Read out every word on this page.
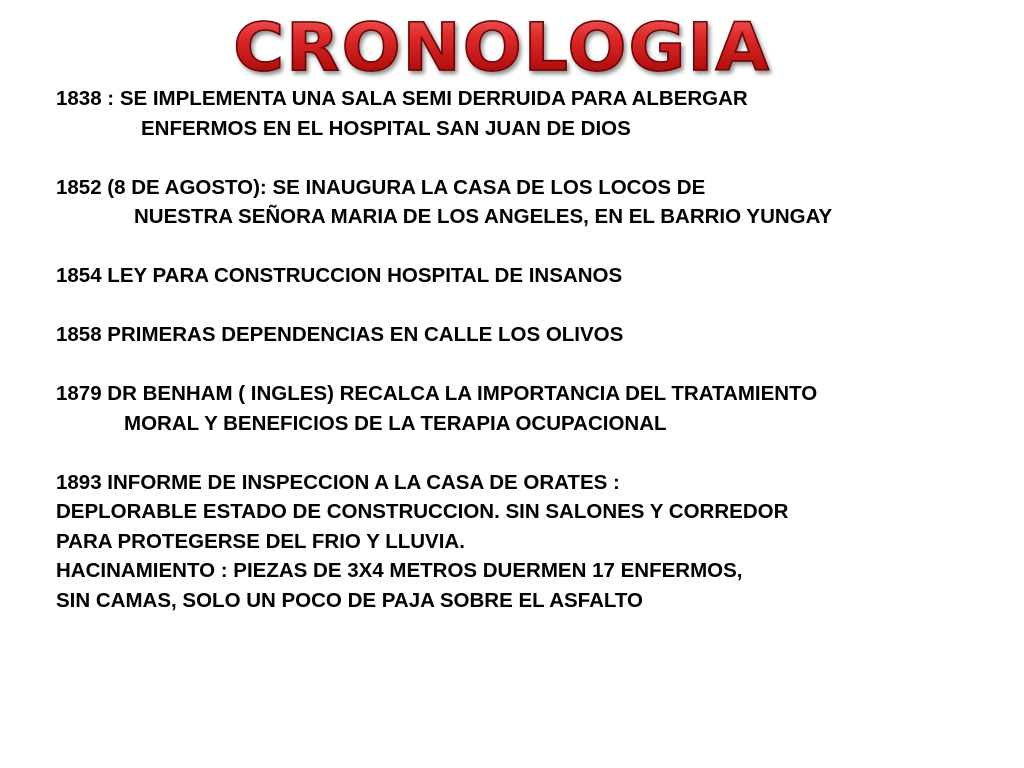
CRONOLOGIA
1838 : SE IMPLEMENTA UNA SALA SEMI DERRUIDA PARA ALBERGAR
ENFERMOS EN EL HOSPITAL SAN JUAN DE DIOS
1852 (8 DE AGOSTO): SE INAUGURA LA CASA DE LOS LOCOS DE
NUESTRA SEÑORA MARIA DE LOS ANGELES, EN EL BARRIO YUNGAY
1854 LEY PARA CONSTRUCCION HOSPITAL DE INSANOS
1858 PRIMERAS DEPENDENCIAS EN CALLE LOS OLIVOS
1879 DR BENHAM ( INGLES) RECALCA LA IMPORTANCIA DEL TRATAMIENTO
MORAL Y BENEFICIOS DE LA TERAPIA OCUPACIONAL
1893 INFORME DE INSPECCION A LA CASA DE ORATES :
DEPLORABLE ESTADO DE CONSTRUCCION. SIN SALONES Y CORREDOR
PARA PROTEGERSE DEL FRIO Y LLUVIA.
HACINAMIENTO : PIEZAS DE 3X4 METROS DUERMEN 17 ENFERMOS,
SIN CAMAS, SOLO UN POCO DE PAJA SOBRE EL ASFALTO
